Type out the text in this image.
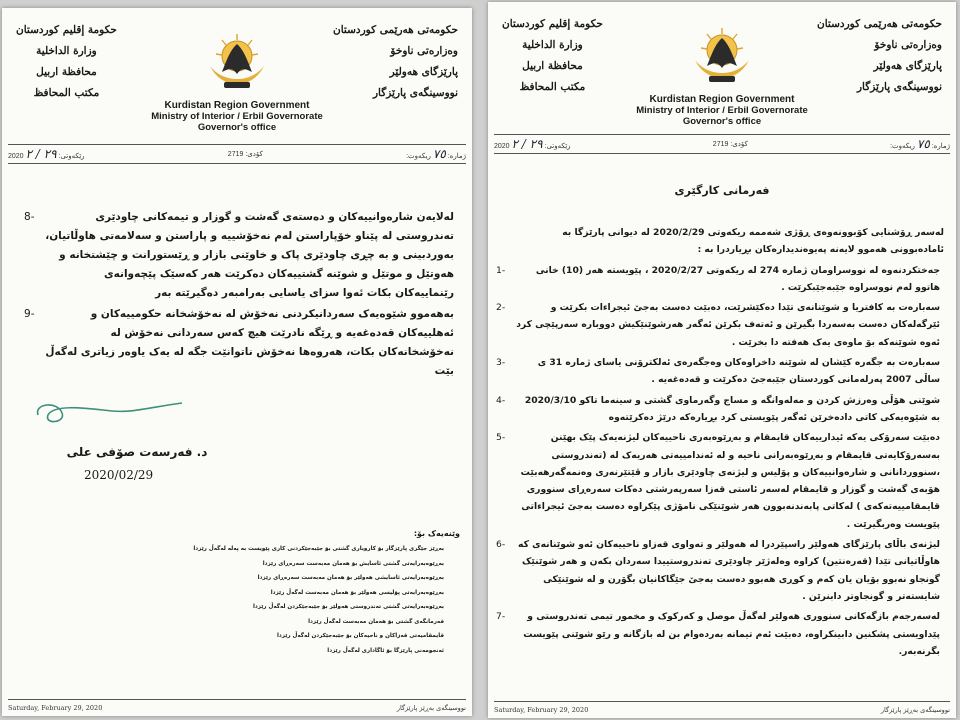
حكومة إقليم كوردستان
وزارة الداخلية
محافظة اربيل
مكتب المحافظ
حکومەتی هەرێمی کوردستان
وەزارەتی ناوخۆ
پارێزگای هەولێر
نووسینگەی پارێزگار
Kurdistan Region Government
Ministry of Interior / Erbil Governorate
Governor's office
ژمارە: ٧٥ ریکەوت:
کۆدی: 2719
رێکەوتی: ٢٩ / ٢ 2020
-8	لەلایەن شارەوانییەکان و دەستەی گەشت و گوزار و تیمەکانی چاودێری تەندروستی لە پێناو خۆپاراستن لەم نەخۆشییە و پاراستن و سەلامەتی هاوڵاتیان، بەوردبینی و بە چڕی چاودێری پاک و خاوێنی بازار و ڕێستورانت و چێشتخانە و هەوتێل و موتێل و شوێنە گشتییەکان دەکرێت هەر کەسێک پێچەوانەی رێنماییەکان بکات ئەوا سزای یاسایی بەرامبەر دەگیرێتە بەر
-9	بەهەموو شێوەیەک سەردانیکردنی نەخۆش لە نەخۆشخانە حکومییەکان و ئەهلییەکان قەدەغەیە و ڕێگە نادرێت هیچ کەس سەردانی نەخۆش لە نەخۆشخانەکان بکات، هەروەها نەخۆش ناتوانێت جگە لە یەک یاوەر زیاتری لەگەڵ بێت
د. فەرسەت صۆفی علی
2020/02/29
وێنەیەک بۆ:
بەڕێز جێگری پارێزگار بۆ کاروباری گشتی بۆ جێبەجێکردنی کاری پێویست بە پەلە لەگەڵ رێزدا
بەڕێوەبەرایەتی گشتی ئاسایش بۆ هەمان مەبەست سەرەڕای رێزدا
بەڕێوەبەرایەتی ئاسایشی هەولێر بۆ هەمان مەبەست سەرەڕای رێزدا
بەڕێوەبەرایەتی پۆلیسی هەولێر بۆ هەمان مەبەست لەگەڵ رێزدا
بەڕێوەبەرایەتی گشتی تەندروستی هەولێر بۆ جێبەجێکردن لەگەڵ رێزدا
فەرمانگەی گشتی بۆ هەمان مەبەست لەگەڵ رێزدا
قایمقامیەتی قەزاکان و ناحیەکان بۆ جێبەجێکردن لەگەڵ رێزدا
ئەنجومەنی پارێزگا بۆ ئاگاداری لەگەڵ رێزدا
Saturday, February 29, 2020	نووسینگەی بەڕێز پارێزگار
حكومة إقليم كوردستان
وزارة الداخلية
محافظة اربيل
مكتب المحافظ
حکومەتی هەرێمی کوردستان
وەزارەتی ناوخۆ
پارێزگای هەولێر
نووسینگەی پارێزگار
Kurdistan Region Government
Ministry of Interior / Erbil Governorate
Governor's office
ژمارە: ٧٥ ریکەوت:
کۆدی: 2719
رێکەوتی: ٢٩ / ٢ 2020
فەرمانی کارگێری
لەسەر ڕۆشنایی کۆبوونەوەی ڕۆژی شەممە ریکەوتی 2020/2/29 لە دیوانی پارێزگا بە ئامادەبوونی هەموو لایەنە پەیوەندیدارەکان بڕیاردرا بە :
-1	جەختکردنەوە لە نووسراومان ژمارە 274 لە ریکەوتی 2020/2/27 ، پێویستە هەر (10) خانی هاتوو لەم نووسراوە جێبەجێبکرێت .
-2	سەبارەت بە کافتریا و شوێنانەی تێدا دەکێشرێت، دەبێت دەست بەجێ ئیجراءات بکرێت و ئێرگەلەکان دەست بەسەردا بگیرێن و ئەتەف بکرێن ئەگەر هەرشوێنێکیش دووبارە سەرپێچی کرد ئەوە شوێنەکە بۆ ماوەی یەک هەفتە دا بخرێت .
-3	سەبارەت بە جگەرە کێشان لە شوێنە داخراوەکان وەجگەرەی ئەلکترۆنی یاسای ژمارە 31 ی ساڵی 2007 پەرلەمانی کوردستان جێبەجێ دەکرێت و قەدەغەیە .
-4 شوێنی هۆڵی وەرزش کردن و مەلەوانگە و مساج وگەرماوی گشتی و سینەما تاکو 2020/3/10 بە شێوەیەکی کاتی دادەخرێن ئەگەر پێویستی کرد بڕیارەکە درێژ دەکرێتەوە
-5	دەبێت سەرۆکی یەکە ئیدارییەکان قایمقام و بەڕێوەبەری ناحییەکان لیژنەیەک پێک بهێنن بەسەرۆکایەتی قایمقام و بەڕێوەبەرانی ناحیە و لە ئەندامییەتی هەریەک لە (تەندروستی ،سنووردانانی و شارەوانییەکان و پۆلیس و لیژنەی چاودێری بازار و ڤێتێرنەری وەنمەگەرهەبێت هۆبەی گەشت و گوزار و قایمقام لەسەر ئاستی قەزا سەرپەرشتی دەکات سەرەڕای سنووری قایمقامییەتەکەی ) لەکاتی پابەندنەبوون هەر شوێنێکی نامۆژی پێکراوە دەست بەجێ ئیجراءاتی پێویست وەربگیرێت .
-6 لیژنەی باڵای پارێزگای هەولێر راسپێردرا لە هەولێر و تەواوی قەزاو ناحییەکان ئەو شوێنانەی کە هاوڵاتیانی تێدا (قەرەنتین) کراوە وەلەژێر چاودێری تەندروستییدا سەردان بکەن و هەر شوێنێک گونجاو نەبوو بۆیان یان کەم و کوڕی هەبوو دەست بەجێ جێگاکانیان بگۆرن و لە شوێنێکی شایستەتر و گونجاوتر دابنرێن .
-7 لەسەرجەم بازگەکانی سنووری هەولێر لەگەڵ موصل و کەرکوک و مخمور تیمی تەندروستی و پێداویستی پشکنین دابینکراوە، دەبێت ئەم تیمانە بەردەوام بن لە بازگانە و رێو شوێنی پێویست بگرنەبەر.
Saturday, February 29, 2020	نووسینگەی بەڕێز پارێزگار
